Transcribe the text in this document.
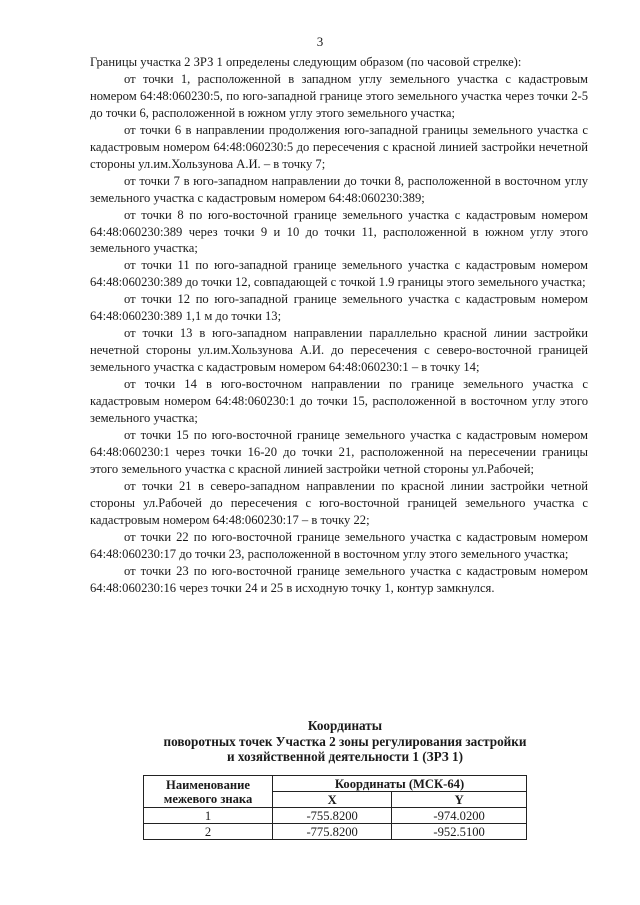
3

Границы участка 2 ЗРЗ 1 определены следующим образом (по часовой стрелке):

от точки 1, расположенной в западном углу земельного участка с кадастровым номером 64:48:060230:5, по юго-западной границе этого земельного участка через точки 2-5 до точки 6, расположенной в южном углу этого земельного участка;

от точки 6 в направлении продолжения юго-западной границы земельного участка с кадастровым номером 64:48:060230:5 до пересечения с красной линией застройки нечетной стороны ул.им.Хользунова А.И. – в точку 7;

от точки 7 в юго-западном направлении до точки 8, расположенной в восточном углу земельного участка с кадастровым номером 64:48:060230:389;

от точки 8 по юго-восточной границе земельного участка с кадастровым номером 64:48:060230:389 через точки 9 и 10 до точки 11, расположенной в южном углу этого земельного участка;

от точки 11 по юго-западной границе земельного участка с кадастровым номером 64:48:060230:389 до точки 12, совпадающей с точкой 1.9 границы этого земельного участка;

от точки 12 по юго-западной границе земельного участка с кадастровым номером 64:48:060230:389 1,1 м до точки 13;

от точки 13 в юго-западном направлении параллельно красной линии застройки нечетной стороны ул.им.Хользунова А.И. до пересечения с северо-восточной границей земельного участка с кадастровым номером 64:48:060230:1 – в точку 14;

от точки 14 в юго-восточном направлении по границе земельного участка с кадастровым номером 64:48:060230:1 до точки 15, расположенной в восточном углу этого земельного участка;

от точки 15 по юго-восточной границе земельного участка с кадастровым номером 64:48:060230:1 через точки 16-20 до точки 21, расположенной на пересечении границы этого земельного участка с красной линией застройки четной стороны ул.Рабочей;

от точки 21 в северо-западном направлении по красной линии застройки четной стороны ул.Рабочей до пересечения с юго-восточной границей земельного участка с кадастровым номером 64:48:060230:17 – в точку 22;

от точки 22 по юго-восточной границе земельного участка с кадастровым номером 64:48:060230:17 до точки 23, расположенной в восточном углу этого земельного участка;

от точки 23 по юго-восточной границе земельного участка с кадастровым номером 64:48:060230:16 через точки 24 и 25 в исходную точку 1, контур замкнулся.

Координаты
поворотных точек Участка 2 зоны регулирования застройки
и хозяйственной деятельности 1 (ЗРЗ 1)
Наименование межевого знака	Координаты (МСК-64)	
	X	Y
1	-755.8200	-974.0200
2	-775.8200	-952.5100
